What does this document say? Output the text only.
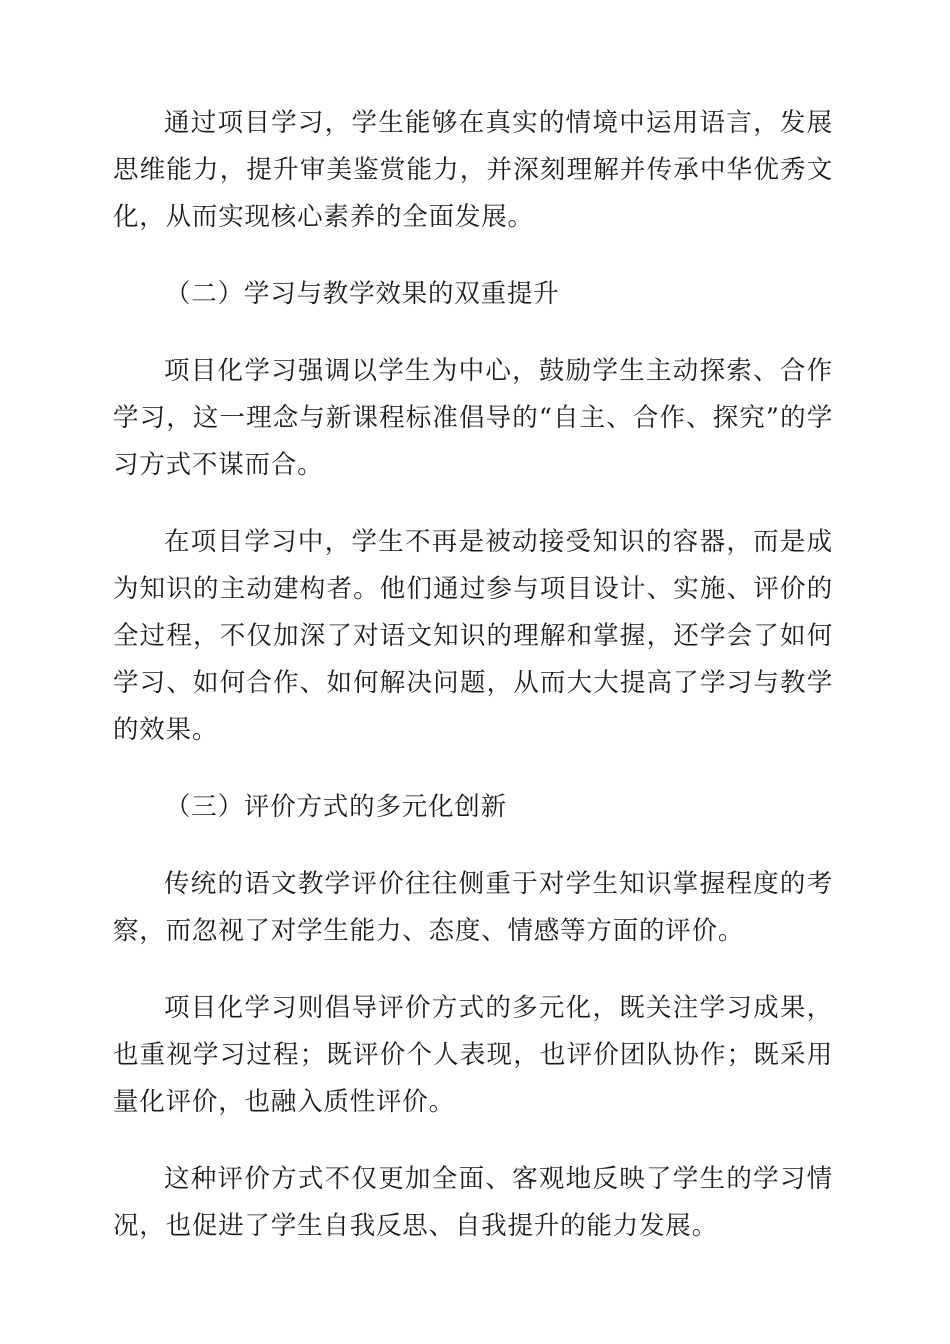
通过项目学习，学生能够在真实的情境中运用语言，发展思维能力，提升审美鉴赏能力，并深刻理解并传承中华优秀文化，从而实现核心素养的全面发展。

（二）学习与教学效果的双重提升

项目化学习强调以学生为中心，鼓励学生主动探索、合作学习，这一理念与新课程标准倡导的“自主、合作、探究”的学习方式不谋而合。

在项目学习中，学生不再是被动接受知识的容器，而是成为知识的主动建构者。他们通过参与项目设计、实施、评价的全过程，不仅加深了对语文知识的理解和掌握，还学会了如何学习、如何合作、如何解决问题，从而大大提高了学习与教学的效果。

（三）评价方式的多元化创新

传统的语文教学评价往往侧重于对学生知识掌握程度的考察，而忽视了对学生能力、态度、情感等方面的评价。

项目化学习则倡导评价方式的多元化，既关注学习成果，也重视学习过程；既评价个人表现，也评价团队协作；既采用量化评价，也融入质性评价。

这种评价方式不仅更加全面、客观地反映了学生的学习情况，也促进了学生自我反思、自我提升的能力发展。
